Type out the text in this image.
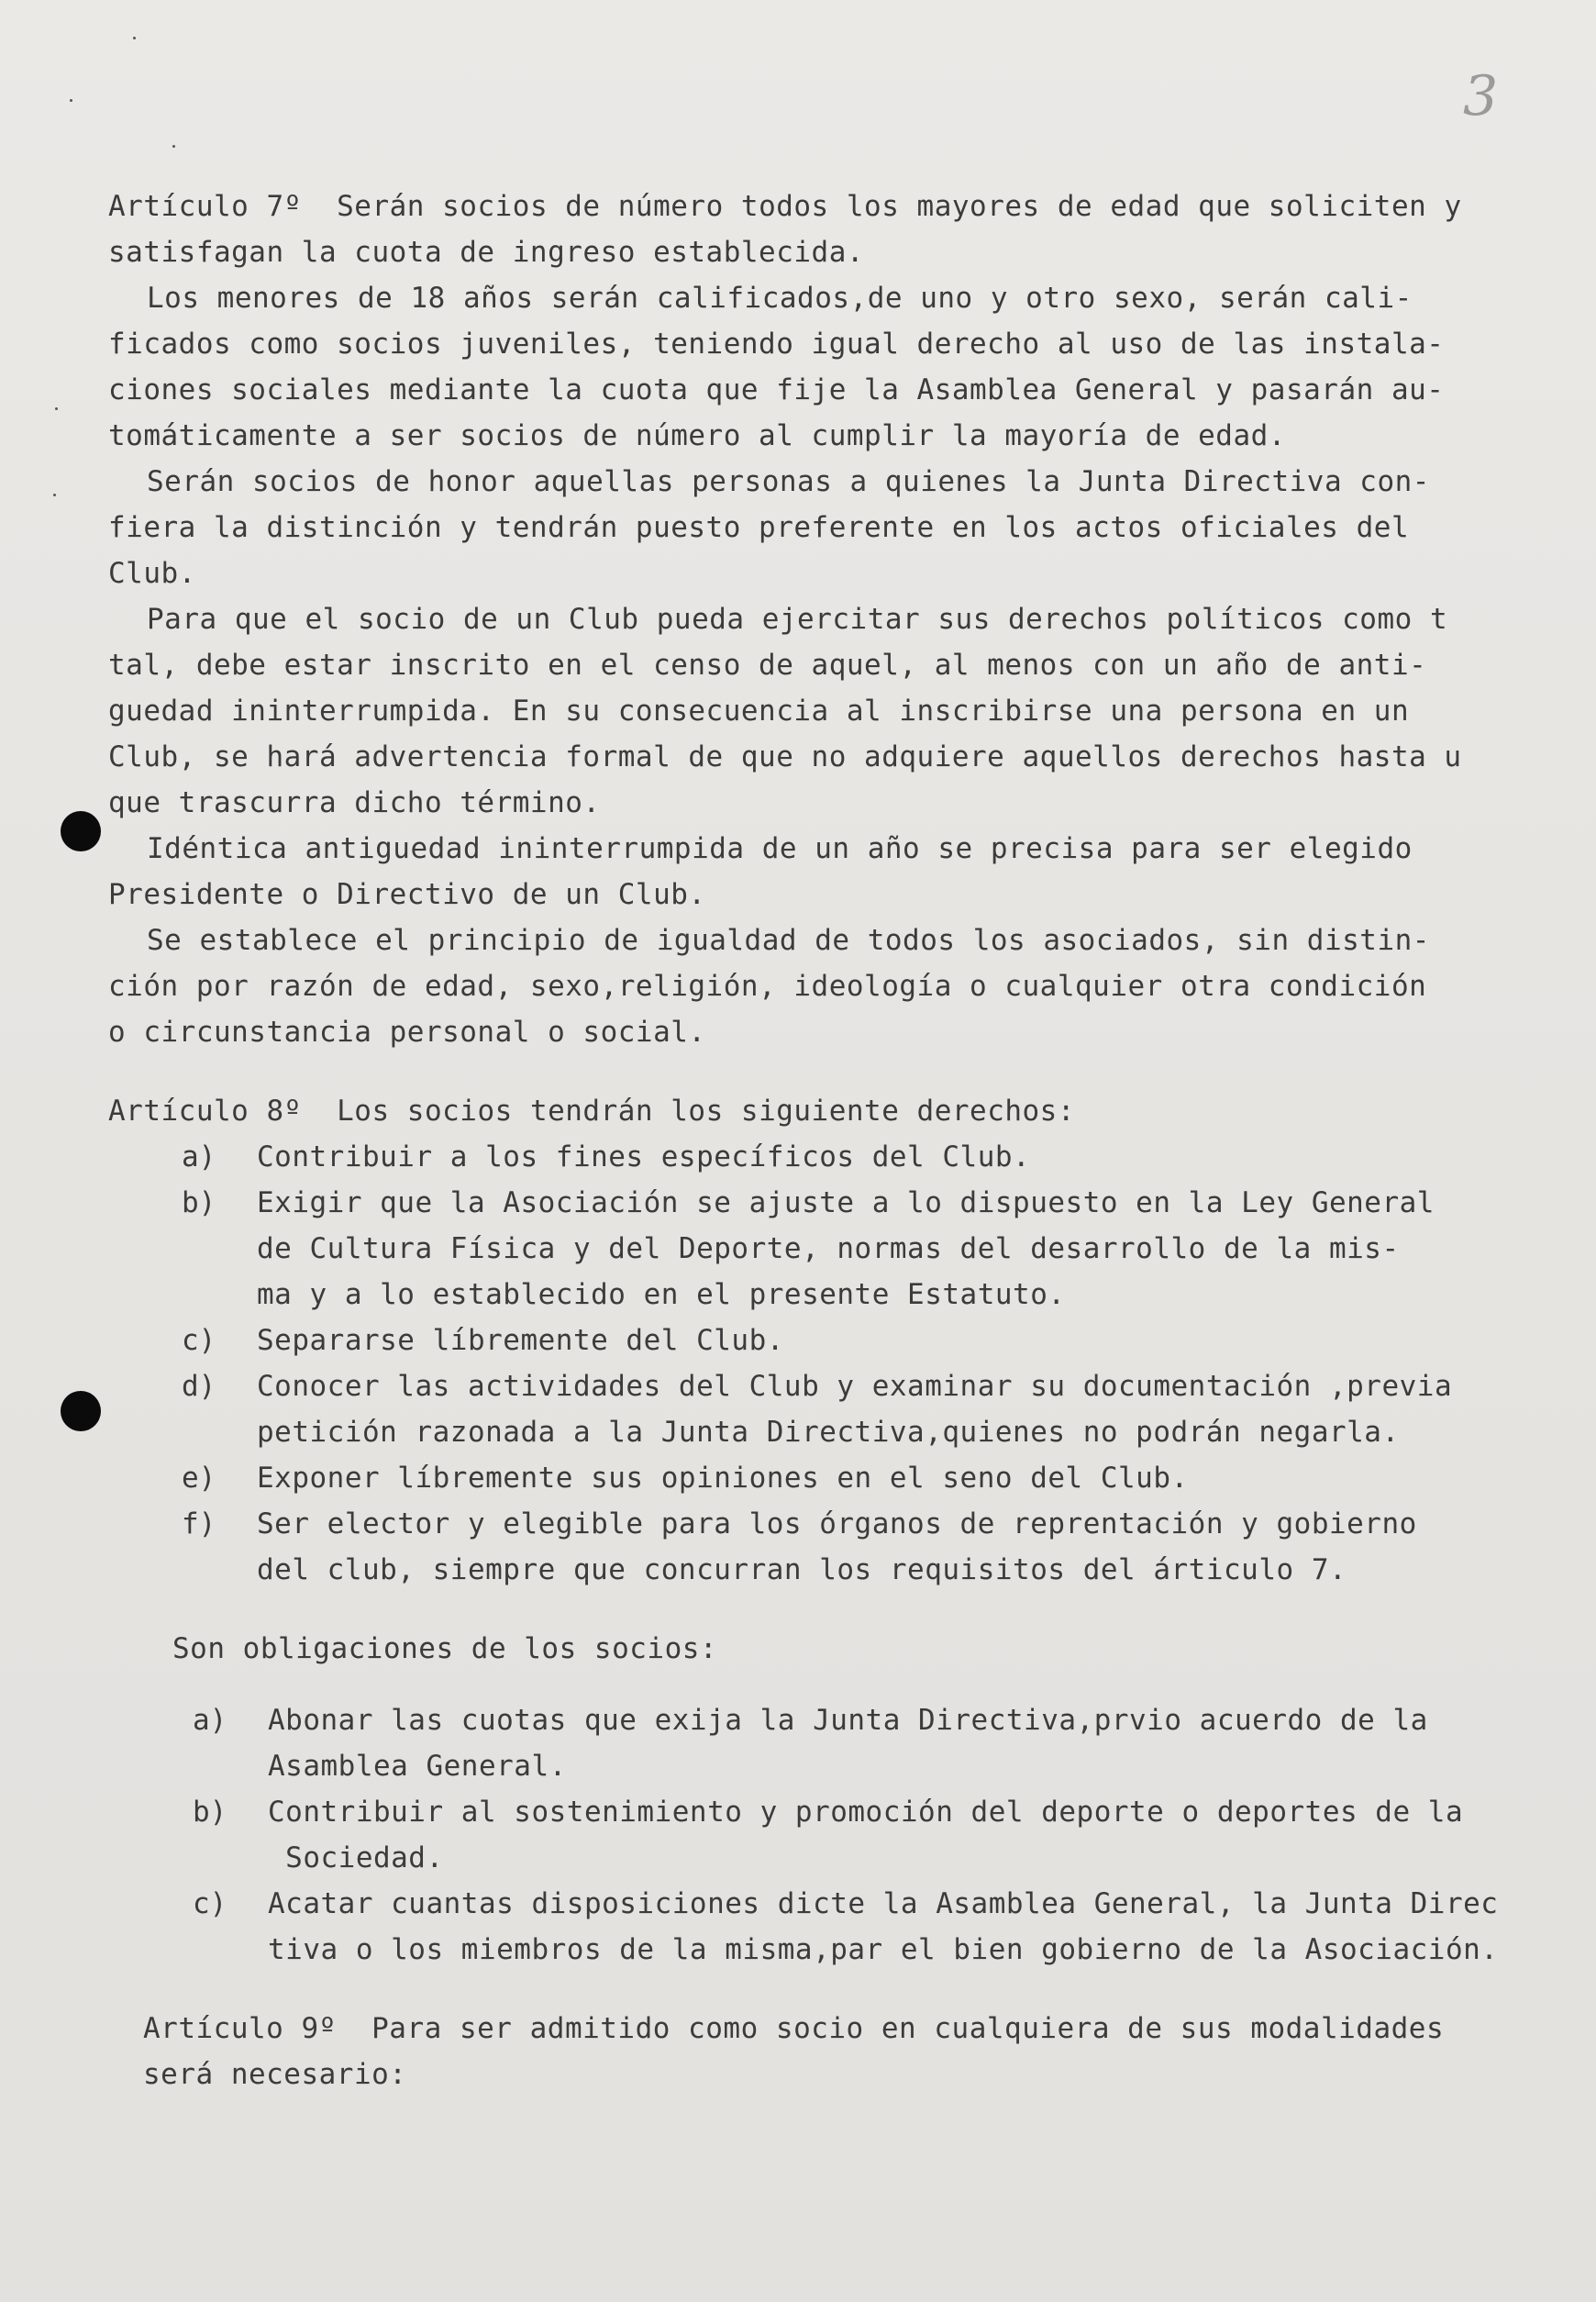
3

Artículo 7º Serán socios de número todos los mayores de edad que soliciten y

satisfagan la cuota de ingreso establecida.

Los menores de 18 años serán calificados,de uno y otro sexo, serán cali-

ficados como socios juveniles, teniendo igual derecho al uso de las instala-

ciones sociales mediante la cuota que fije la Asamblea General y pasarán au-

tomáticamente a ser socios de número al cumplir la mayoría de edad.

Serán socios de honor aquellas personas a quienes la Junta Directiva con-

fiera la distinción y tendrán puesto preferente en los actos oficiales del

Club.

Para que el socio de un Club pueda ejercitar sus derechos políticos como t

tal, debe estar inscrito en el censo de aquel, al menos con un año de anti-

guedad ininterrumpida. En su consecuencia al inscribirse una persona en un

Club, se hará advertencia formal de que no adquiere aquellos derechos hasta u

que trascurra dicho término.

Idéntica antiguedad ininterrumpida de un año se precisa para ser elegido

Presidente o Directivo de un Club.

Se establece el principio de igualdad de todos los asociados, sin distin-

ción por razón de edad, sexo,religión, ideología o cualquier otra condición

o circunstancia personal o social.

Artículo 8º Los socios tendrán los siguiente derechos:

a)	Contribuir a los fines específicos del Club.

b)	Exigir que la Asociación se ajuste a lo dispuesto en la Ley General

de Cultura Física y del Deporte, normas del desarrollo de la mis-

ma y a lo establecido en el presente Estatuto.

c)	Separarse líbremente del Club.

d)	Conocer las actividades del Club y examinar su documentación ,previa

petición razonada a la Junta Directiva,quienes no podrán negarla.

e)	Exponer líbremente sus opiniones en el seno del Club.

f)	Ser elector y elegible para los órganos de reprentación y gobierno

del club, siempre que concurran los requisitos del árticulo 7.

Son obligaciones de los socios:

a)	Abonar las cuotas que exija la Junta Directiva,prvio acuerdo de la

Asamblea General.

b)	Contribuir al sostenimiento y promoción del deporte o deportes de la

Sociedad.

c)	Acatar cuantas disposiciones dicte la Asamblea General, la Junta Direc

tiva o los miembros de la misma,par el bien gobierno de la Asociación.

Artículo 9º Para ser admitido como socio en cualquiera de sus modalidades

será necesario:
